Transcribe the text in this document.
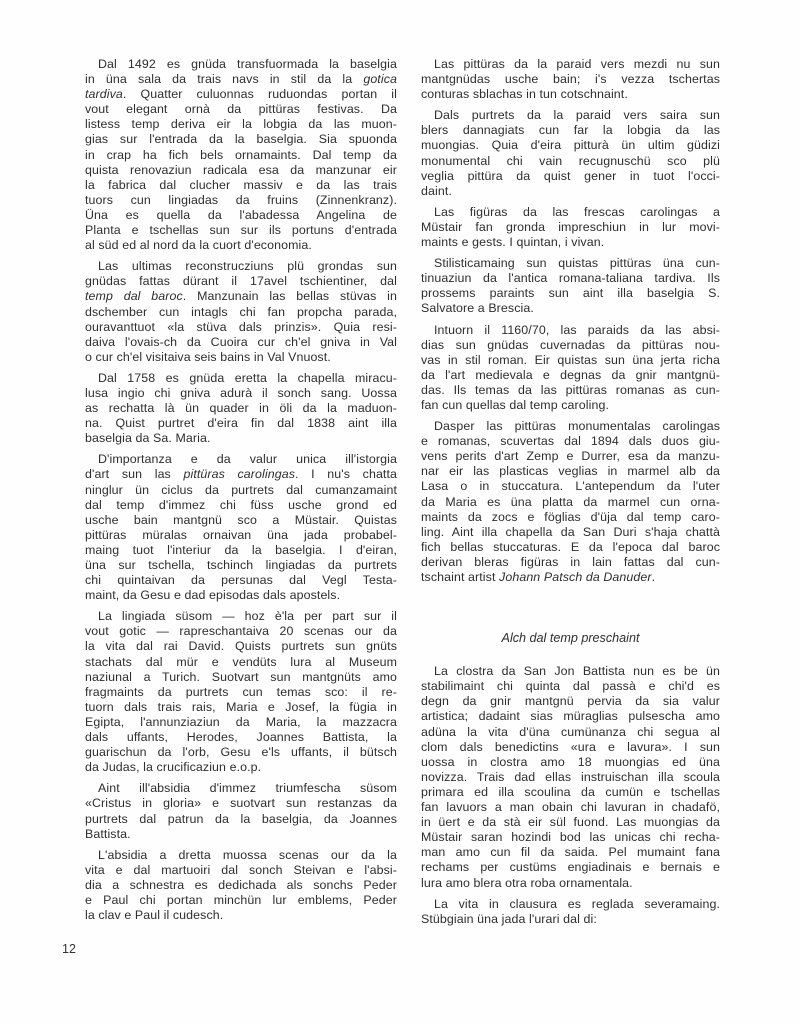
Dal 1492 es gnüda transfuormada la baselgia
in üna sala da trais navs in stil da la gotica
tardiva. Quatter culuonnas ruduondas portan il
vout elegant ornà da pittüras festivas. Da
listess temp deriva eir la lobgia da las muon-
gias sur l'entrada da la baselgia. Sia spuonda
in crap ha fich bels ornamaints. Dal temp da
quista renovaziun radicala esa da manzunar eir
la fabrica dal clucher massiv e da las trais
tuors cun lingiadas da fruins (Zinnenkranz).
Üna es quella da l'abadessa Angelina de
Planta e tschellas sun sur ils portuns d'entrada
al süd ed al nord da la cuort d'economia.

Las ultimas reconstrucziuns plü grondas sun
gnüdas fattas dürant il 17avel tschientiner, dal
temp dal baroc. Manzunain las bellas stüvas in
dschember cun intagls chi fan propcha parada,
ouravanttuot «la stüva dals prinzis». Quia resi-
daiva l'ovais-ch da Cuoira cur ch'el gniva in Val
o cur ch'el visitaiva seis bains in Val Vnuost.

Dal 1758 es gnüda eretta la chapella miracu-
lusa ingio chi gniva adurà il sonch sang. Uossa
as rechatta là ün quader in öli da la maduon-
na. Quist purtret d'eira fin dal 1838 aint illa
baselgia da Sa. Maria.

D'importanza e da valur unica ill'istorgia
d'art sun las pittüras carolingas. I nu's chatta
ninglur ün ciclus da purtrets dal cumanzamaint
dal temp d'immez chi füss usche grond ed
usche bain mantgnü sco a Müstair. Quistas
pittüras müralas ornaivan üna jada probabel-
maing tuot l'interiur da la baselgia. I d'eiran,
üna sur tschella, tschinch lingiadas da purtrets
chi quintaivan da persunas dal Vegl Testa-
maint, da Gesu e dad episodas dals apostels.

La lingiada süsom — hoz è'la per part sur il
vout gotic — rapreschantaiva 20 scenas our da
la vita dal rai David. Quists purtrets sun gnüts
stachats dal mür e vendüts lura al Museum
naziunal a Turich. Suotvart sun mantgnüts amo
fragmaints da purtrets cun temas sco: il re-
tuorn dals trais rais, Maria e Josef, la fügia in
Egipta, l'annunziaziun da Maria, la mazzacra
dals uffants, Herodes, Joannes Battista, la
guarischun da l'orb, Gesu e'ls uffants, il bütsch
da Judas, la crucificaziun e.o.p.

Aint ill'absidia d'immez triumfescha süsom
«Cristus in gloria» e suotvart sun restanzas da
purtrets dal patrun da la baselgia, da Joannes
Battista.

L'absidia a dretta muossa scenas our da la
vita e dal martuoiri dal sonch Steivan e l'absi-
dia a schnestra es dedichada als sonchs Peder
e Paul chi portan minchün lur emblems, Peder
la clav e Paul il cudesch.

Las pittüras da la paraid vers mezdi nu sun
mantgnüdas usche bain; i's vezza tschertas
conturas sblachas in tun cotschnaint.

Dals purtrets da la paraid vers saira sun
blers dannagiats cun far la lobgia da las
muongias. Quia d'eira pitturà ün ultim güdizi
monumental chi vain recugnuschü sco plü
veglia pittüra da quist gener in tuot l'occi-
daint.

Las figüras da las frescas carolingas a
Müstair fan gronda impreschiun in lur movi-
maints e gests. I quintan, i vivan.

Stilisticamaing sun quistas pittüras üna cun-
tinuaziun da l'antica romana-taliana tardiva. Ils
prossems paraints sun aint illa baselgia S.
Salvatore a Brescia.

Intuorn il 1160/70, las paraids da las absi-
dias sun gnüdas cuvernadas da pittüras nou-
vas in stil roman. Eir quistas sun üna jerta richa
da l'art medievala e degnas da gnir mantgnü-
das. Ils temas da las pittüras romanas as cun-
fan cun quellas dal temp caroling.

Dasper las pittüras monumentalas carolingas
e romanas, scuvertas dal 1894 dals duos giu-
vens perits d'art Zemp e Durrer, esa da manzu-
nar eir las plasticas veglias in marmel alb da
Lasa o in stuccatura. L'antependum da l'uter
da Maria es üna platta da marmel cun orna-
maints da zocs e föglias d'üja dal temp caro-
ling. Aint illa chapella da San Duri s'haja chattà
fich bellas stuccaturas. E da l'epoca dal baroc
derivan bleras figüras in lain fattas dal cun-
tschaint artist Johann Patsch da Danuder.

Alch dal temp preschaint

La clostra da San Jon Battista nun es be ün
stabilimaint chi quinta dal passà e chi'd es
degn da gnir mantgnü pervia da sia valur
artistica; dadaint sias müraglias pulsescha amo
adüna la vita d'üna cumünanza chi segua al
clom dals benedictins «ura e lavura». I sun
uossa in clostra amo 18 muongias ed üna
novizza. Trais dad ellas instruischan illa scoula
primara ed illa scoulina da cumün e tschellas
fan lavuors a man obain chi lavuran in chadafö,
in üert e da stà eir sül fuond. Las muongias da
Müstair saran hozindi bod las unicas chi recha-
man amo cun fil da saida. Pel mumaint fana
rechams per custüms engiadinais e bernais e
lura amo blera otra roba ornamentala.

La vita in clausura es reglada severamaing.
Stübgiain üna jada l'urari dal di:

12
